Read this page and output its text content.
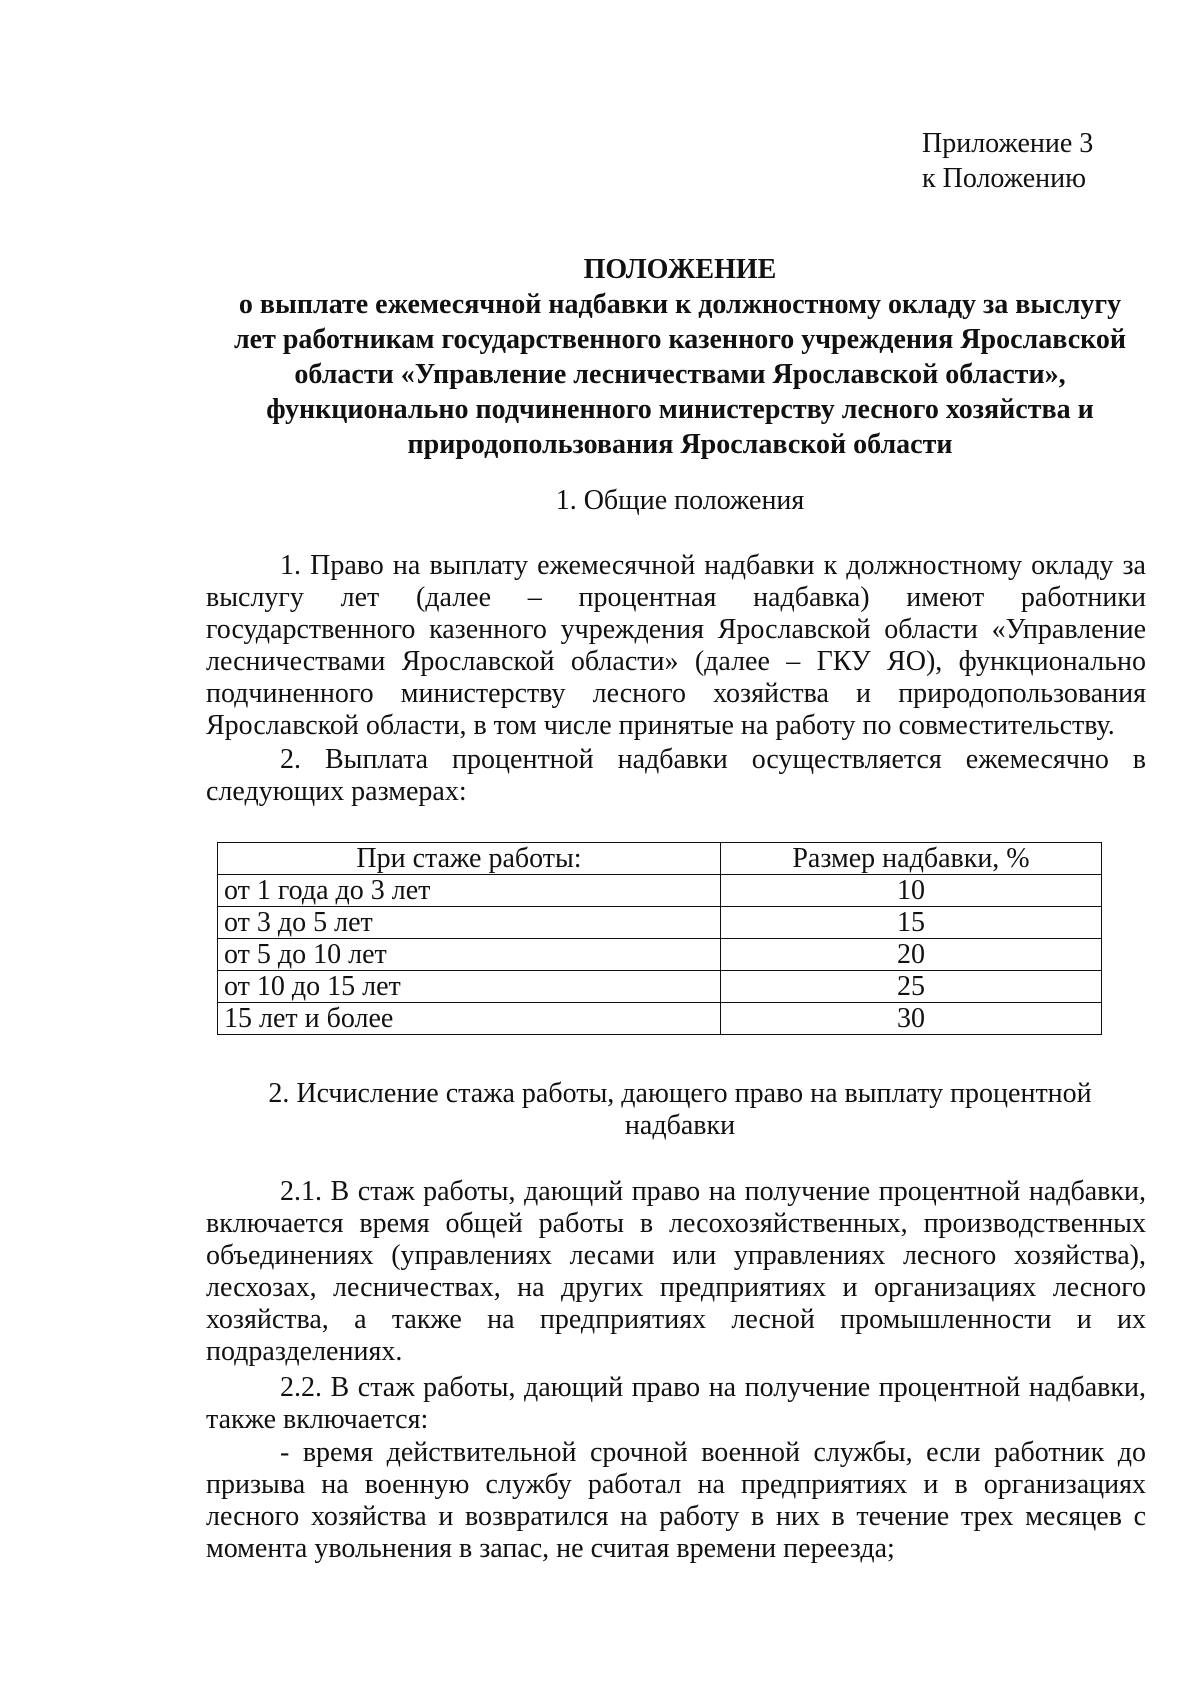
Приложение 3
к Положению
ПОЛОЖЕНИЕ
о выплате ежемесячной надбавки к должностному окладу за выслугу
лет работникам государственного казенного учреждения Ярославской
области «Управление лесничествами Ярославской области»,
функционально подчиненного министерству лесного хозяйства и
природопользования Ярославской области
1. Общие положения

1. Право на выплату ежемесячной надбавки к должностному окладу за выслугу лет (далее – процентная надбавка) имеют работники государственного казенного учреждения Ярославской области «Управление лесничествами Ярославской области» (далее – ГКУ ЯО), функционально подчиненного министерству лесного хозяйства и природопользования Ярославской области, в том числе принятые на работу по совместительству.

2. Выплата процентной надбавки осуществляется ежемесячно в следующих размерах:

При стаже работы:	Размер надбавки, %
от 1 года до 3 лет	10
от 3 до 5 лет	15
от 5 до 10 лет	20
от 10 до 15 лет	25
15 лет и более	30
2. Исчисление стажа работы, дающего право на выплату процентной
надбавки

2.1. В стаж работы, дающий право на получение процентной надбавки, включается время общей работы в лесохозяйственных, производственных объединениях (управлениях лесами или управлениях лесного хозяйства), лесхозах, лесничествах, на других предприятиях и организациях лесного хозяйства, а также на предприятиях лесной промышленности и их подразделениях.

2.2. В стаж работы, дающий право на получение процентной надбавки, также включается:

- время действительной срочной военной службы, если работник до призыва на военную службу работал на предприятиях и в организациях лесного хозяйства и возвратился на работу в них в течение трех месяцев с момента увольнения в запас, не считая времени переезда;
